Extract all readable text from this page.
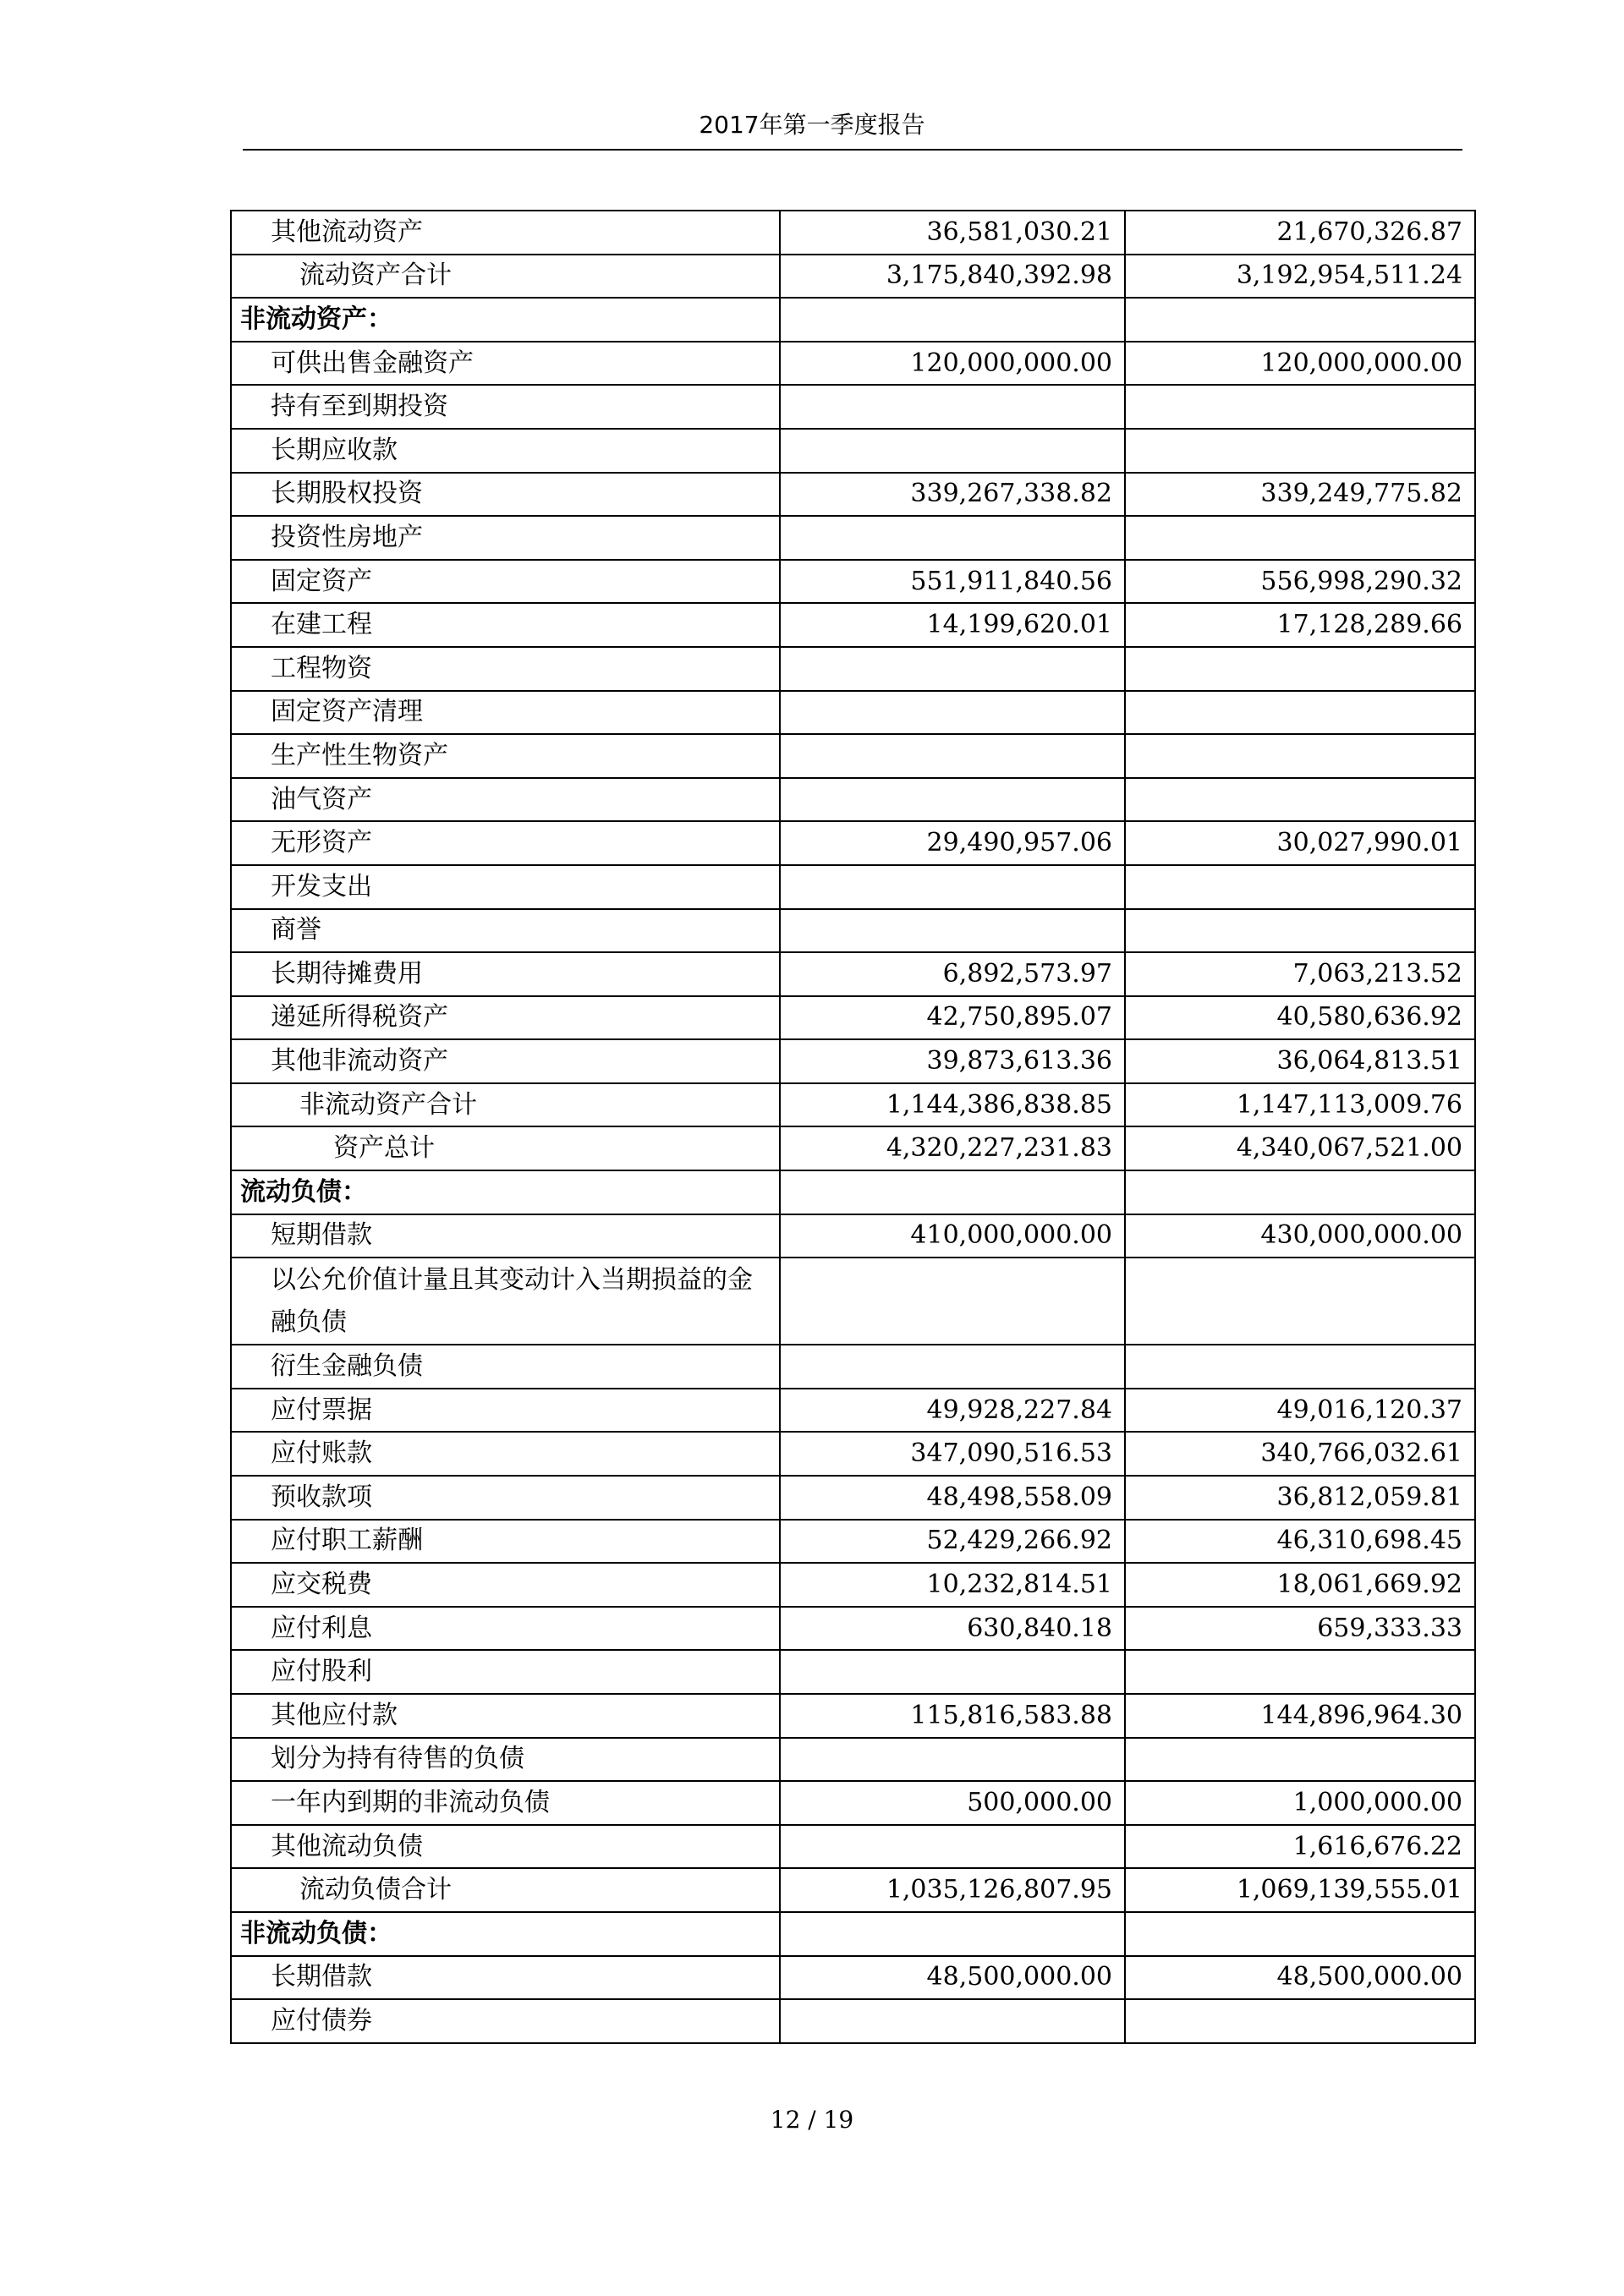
2017年第一季度报告
其他流动资产	36,581,030.21	21,670,326.87
流动资产合计	3,175,840,392.98	3,192,954,511.24
非流动资产：		
可供出售金融资产	120,000,000.00	120,000,000.00
持有至到期投资		
长期应收款		
长期股权投资	339,267,338.82	339,249,775.82
投资性房地产		
固定资产	551,911,840.56	556,998,290.32
在建工程	14,199,620.01	17,128,289.66
工程物资		
固定资产清理		
生产性生物资产		
油气资产		
无形资产	29,490,957.06	30,027,990.01
开发支出		
商誉		
长期待摊费用	6,892,573.97	7,063,213.52
递延所得税资产	42,750,895.07	40,580,636.92
其他非流动资产	39,873,613.36	36,064,813.51
非流动资产合计	1,144,386,838.85	1,147,113,009.76
资产总计	4,320,227,231.83	4,340,067,521.00
流动负债：		
短期借款	410,000,000.00	430,000,000.00
以公允价值计量且其变动计入当期损益的金融负债		
衍生金融负债		
应付票据	49,928,227.84	49,016,120.37
应付账款	347,090,516.53	340,766,032.61
预收款项	48,498,558.09	36,812,059.81
应付职工薪酬	52,429,266.92	46,310,698.45
应交税费	10,232,814.51	18,061,669.92
应付利息	630,840.18	659,333.33
应付股利		
其他应付款	115,816,583.88	144,896,964.30
划分为持有待售的负债		
一年内到期的非流动负债	500,000.00	1,000,000.00
其他流动负债		1,616,676.22
流动负债合计	1,035,126,807.95	1,069,139,555.01
非流动负债：		
长期借款	48,500,000.00	48,500,000.00
应付债券		
12 / 19
